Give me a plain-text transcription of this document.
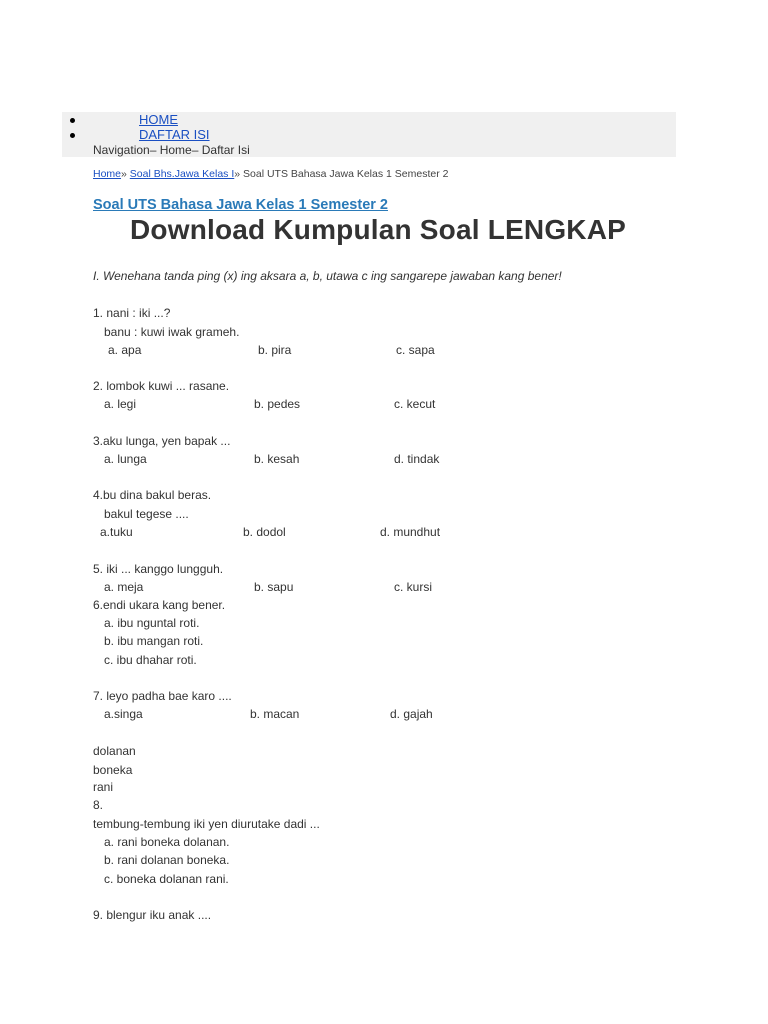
HOME
DAFTAR ISI
Navigation– Home– Daftar Isi
Home» Soal Bhs.Jawa Kelas I» Soal UTS Bahasa Jawa Kelas 1 Semester 2
Soal UTS Bahasa Jawa Kelas 1 Semester 2
Download Kumpulan Soal LENGKAP
I. Wenehana tanda ping (x) ing aksara a, b, utawa c ing sangarepe jawaban kang bener!
1. nani : iki ...?
banu : kuwi iwak grameh.
a. apa	b. pira	c. sapa
2. lombok kuwi ... rasane.
a. legi	b. pedes	c. kecut
3.aku lunga, yen bapak ...
a. lunga	b. kesah	d. tindak
4.bu dina bakul beras.
bakul tegese ....
a.tuku	b. dodol	d. mundhut
5. iki ... kanggo lungguh.
a. meja	b. sapu	c. kursi
6.endi ukara kang bener.
a. ibu nguntal roti.
b. ibu mangan roti.
c. ibu dhahar roti.
7. leyo padha bae karo ....
a.singa	b. macan	d. gajah
dolanan
boneka
rani
8.
tembung-tembung iki yen diurutake dadi ...
a. rani boneka dolanan.
b. rani dolanan boneka.
c. boneka dolanan rani.
9. blengur iku anak ....
